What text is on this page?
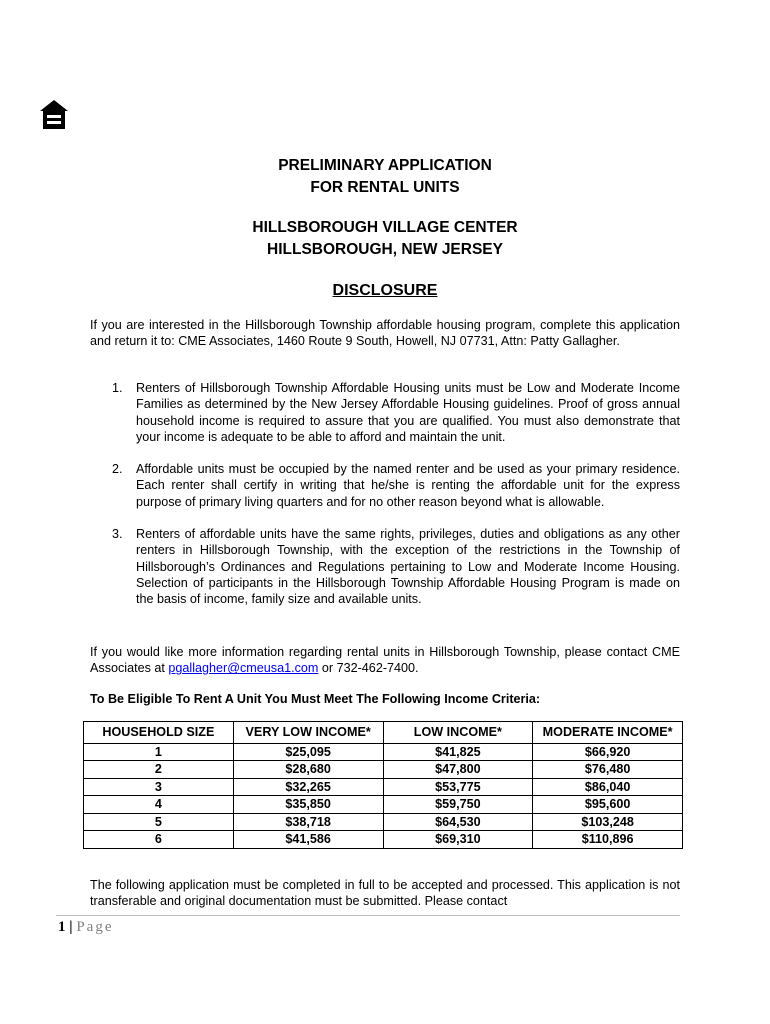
PRELIMINARY APPLICATION
FOR RENTAL UNITS
HILLSBOROUGH VILLAGE CENTER
HILLSBOROUGH, NEW JERSEY
DISCLOSURE
If you are interested in the Hillsborough Township affordable housing program, complete this application and return it to: CME Associates, 1460 Route 9 South, Howell, NJ 07731, Attn: Patty Gallagher.
1. Renters of Hillsborough Township Affordable Housing units must be Low and Moderate Income Families as determined by the New Jersey Affordable Housing guidelines. Proof of gross annual household income is required to assure that you are qualified. You must also demonstrate that your income is adequate to be able to afford and maintain the unit.
2. Affordable units must be occupied by the named renter and be used as your primary residence. Each renter shall certify in writing that he/she is renting the affordable unit for the express purpose of primary living quarters and for no other reason beyond what is allowable.
3. Renters of affordable units have the same rights, privileges, duties and obligations as any other renters in Hillsborough Township, with the exception of the restrictions in the Township of Hillsborough’s Ordinances and Regulations pertaining to Low and Moderate Income Housing. Selection of participants in the Hillsborough Township Affordable Housing Program is made on the basis of income, family size and available units.
If you would like more information regarding rental units in Hillsborough Township, please contact CME Associates at pgallagher@cmeusa1.com or 732-462-7400.
To Be Eligible To Rent A Unit You Must Meet The Following Income Criteria:
HOUSEHOLD SIZE	VERY LOW INCOME*	LOW INCOME*	MODERATE INCOME*
1	$25,095	$41,825	$66,920
2	$28,680	$47,800	$76,480
3	$32,265	$53,775	$86,040
4	$35,850	$59,750	$95,600
5	$38,718	$64,530	$103,248
6	$41,586	$69,310	$110,896
The following application must be completed in full to be accepted and processed. This application is not transferable and original documentation must be submitted. Please contact
1 | Page
